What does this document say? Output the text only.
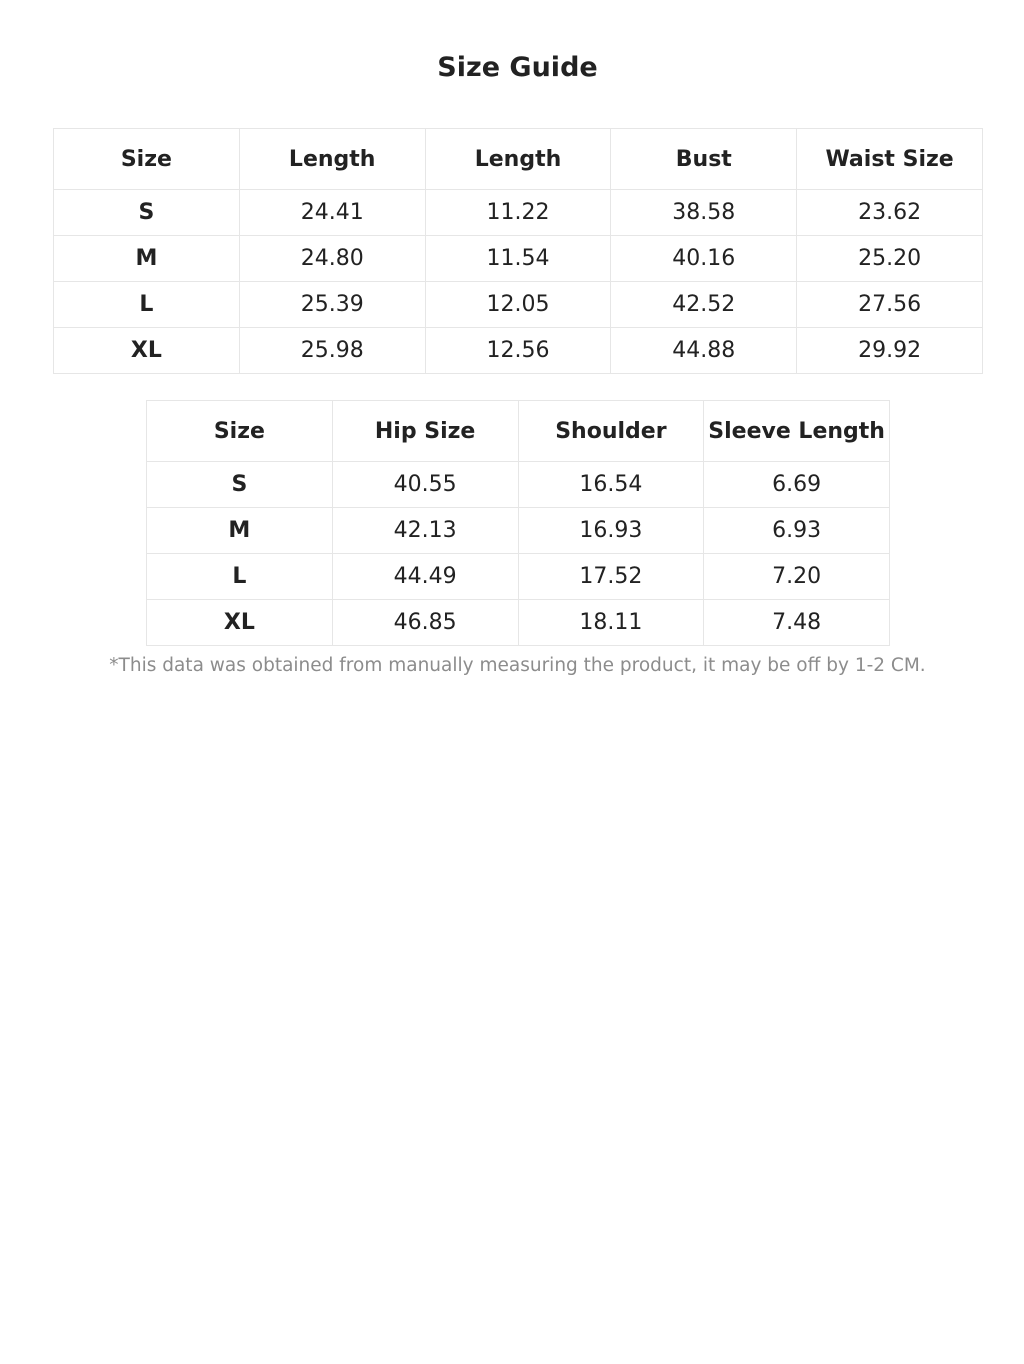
Size Guide
Size	Length	Length	Bust	Waist Size
S	24.41	11.22	38.58	23.62
M	24.80	11.54	40.16	25.20
L	25.39	12.05	42.52	27.56
XL	25.98	12.56	44.88	29.92
Size	Hip Size	Shoulder	Sleeve Length
S	40.55	16.54	6.69
M	42.13	16.93	6.93
L	44.49	17.52	7.20
XL	46.85	18.11	7.48
*This data was obtained from manually measuring the product, it may be off by 1-2 CM.
